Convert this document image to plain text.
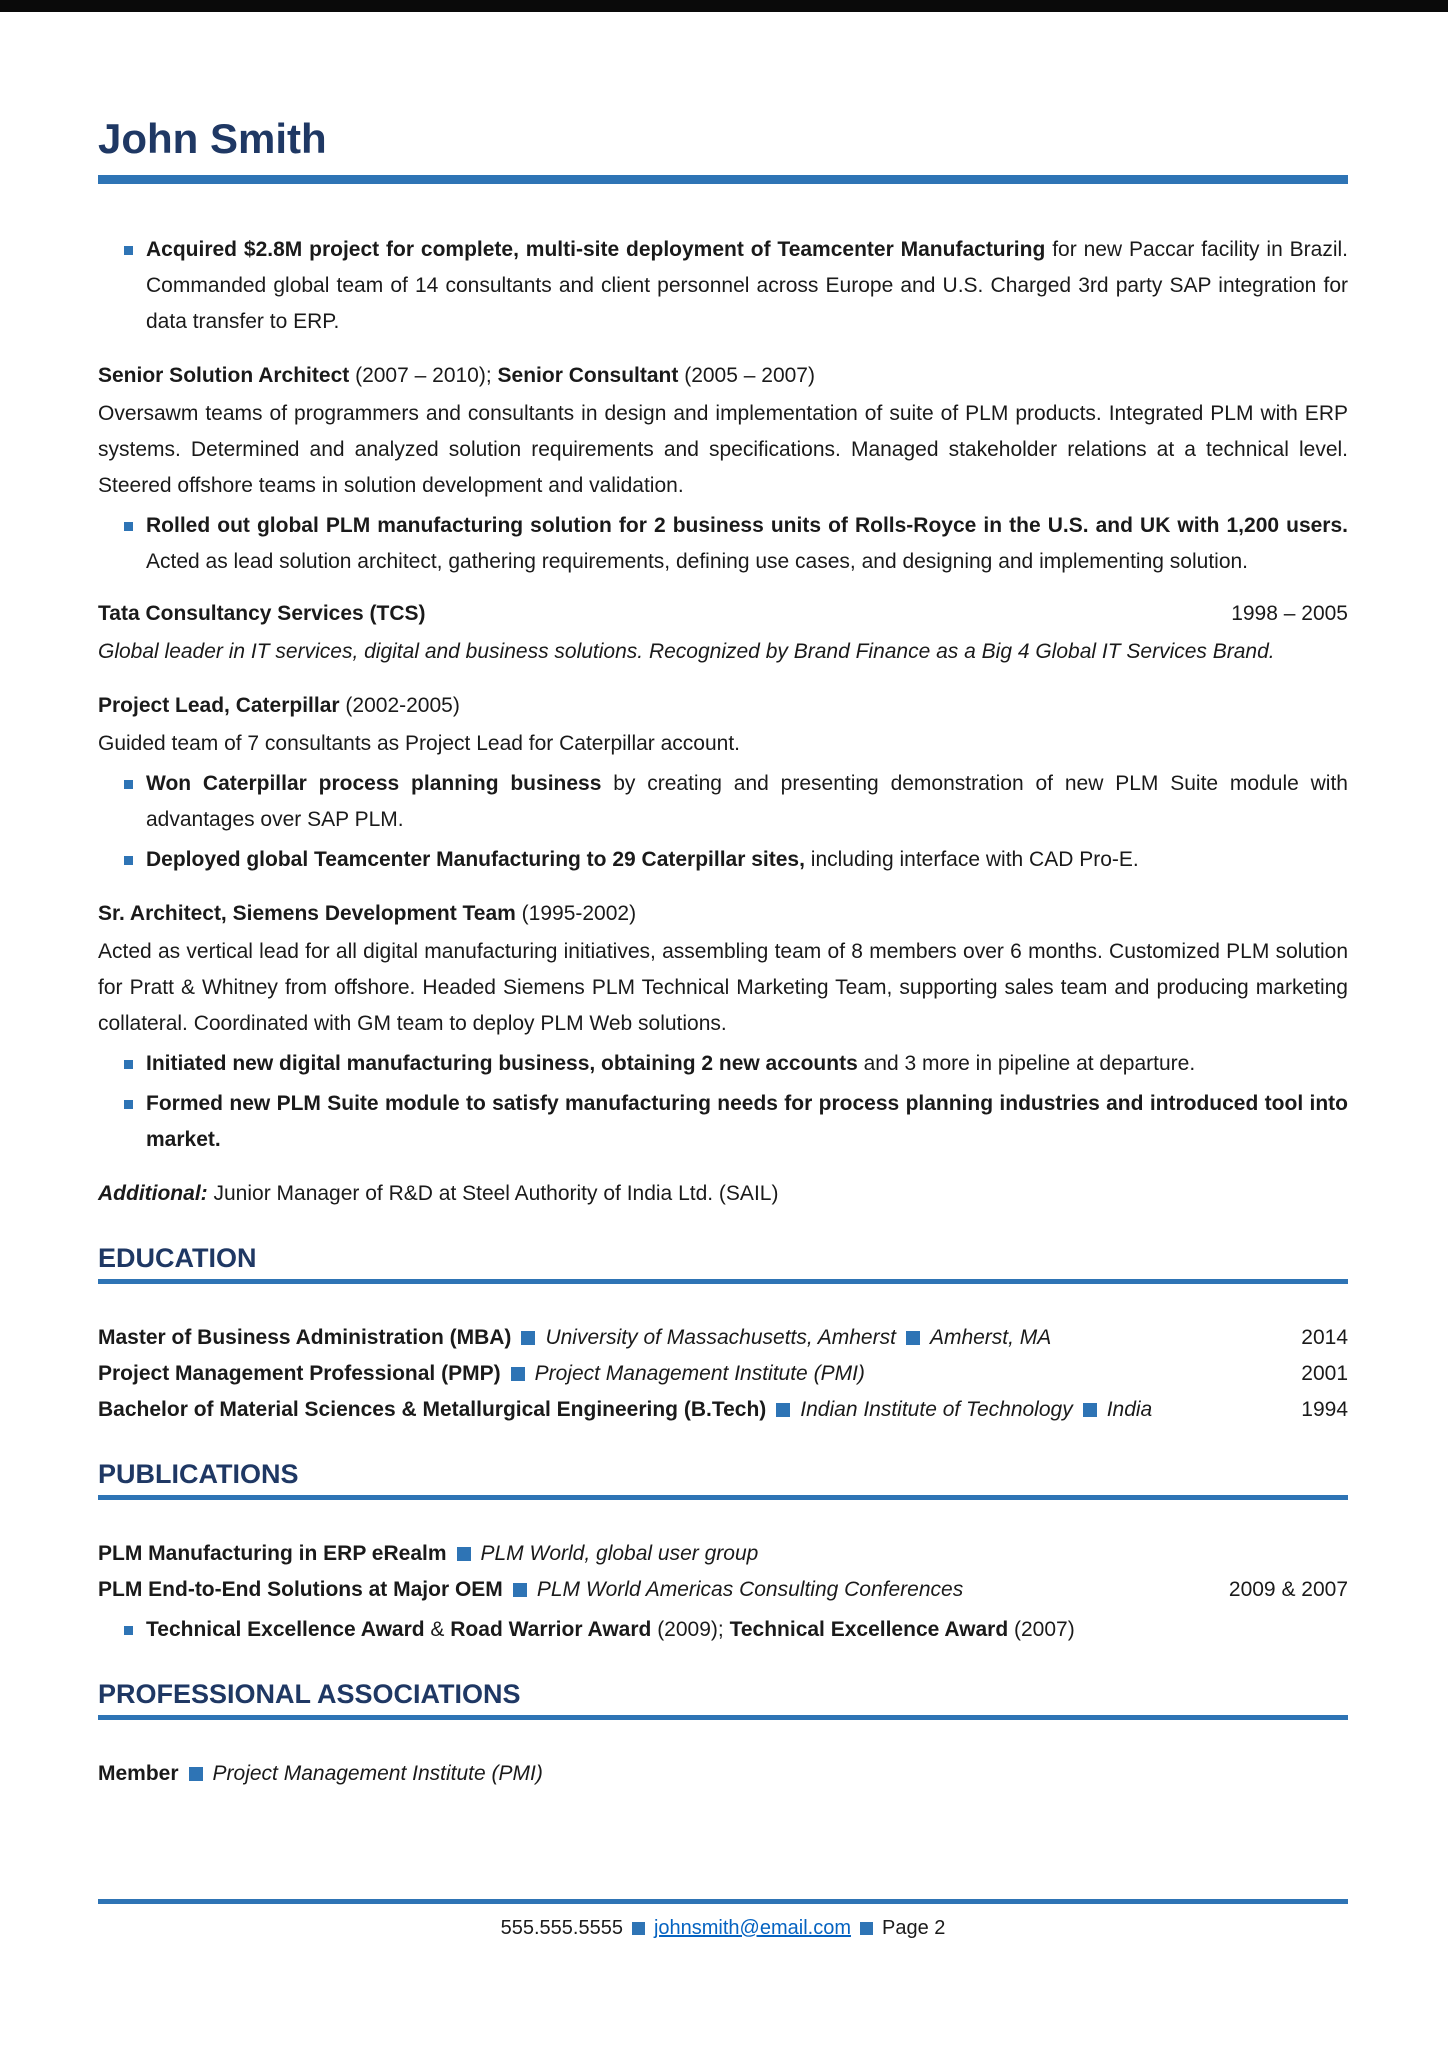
John Smith
Acquired $2.8M project for complete, multi-site deployment of Teamcenter Manufacturing for new Paccar facility in Brazil. Commanded global team of 14 consultants and client personnel across Europe and U.S. Charged 3rd party SAP integration for data transfer to ERP.
Senior Solution Architect (2007 – 2010); Senior Consultant (2005 – 2007)
Oversawm teams of programmers and consultants in design and implementation of suite of PLM products. Integrated PLM with ERP systems. Determined and analyzed solution requirements and specifications. Managed stakeholder relations at a technical level. Steered offshore teams in solution development and validation.
Rolled out global PLM manufacturing solution for 2 business units of Rolls-Royce in the U.S. and UK with 1,200 users. Acted as lead solution architect, gathering requirements, defining use cases, and designing and implementing solution.
Tata Consultancy Services (TCS)	1998 – 2005
Global leader in IT services, digital and business solutions. Recognized by Brand Finance as a Big 4 Global IT Services Brand.
Project Lead, Caterpillar (2002-2005)
Guided team of 7 consultants as Project Lead for Caterpillar account.
Won Caterpillar process planning business by creating and presenting demonstration of new PLM Suite module with advantages over SAP PLM.
Deployed global Teamcenter Manufacturing to 29 Caterpillar sites, including interface with CAD Pro-E.
Sr. Architect, Siemens Development Team (1995-2002)
Acted as vertical lead for all digital manufacturing initiatives, assembling team of 8 members over 6 months. Customized PLM solution for Pratt & Whitney from offshore. Headed Siemens PLM Technical Marketing Team, supporting sales team and producing marketing collateral. Coordinated with GM team to deploy PLM Web solutions.
Initiated new digital manufacturing business, obtaining 2 new accounts and 3 more in pipeline at departure.
Formed new PLM Suite module to satisfy manufacturing needs for process planning industries and introduced tool into market.
Additional: Junior Manager of R&D at Steel Authority of India Ltd. (SAIL)
EDUCATION
Master of Business Administration (MBA) University of Massachusetts, Amherst Amherst, MA	2014
Project Management Professional (PMP) Project Management Institute (PMI)	2001
Bachelor of Material Sciences & Metallurgical Engineering (B.Tech) Indian Institute of Technology India	1994
PUBLICATIONS
PLM Manufacturing in ERP eRealm PLM World, global user group
PLM End-to-End Solutions at Major OEM PLM World Americas Consulting Conferences	2009 & 2007
Technical Excellence Award & Road Warrior Award (2009); Technical Excellence Award (2007)
PROFESSIONAL ASSOCIATIONS
Member Project Management Institute (PMI)
555.555.5555 johnsmith@email.com Page 2
